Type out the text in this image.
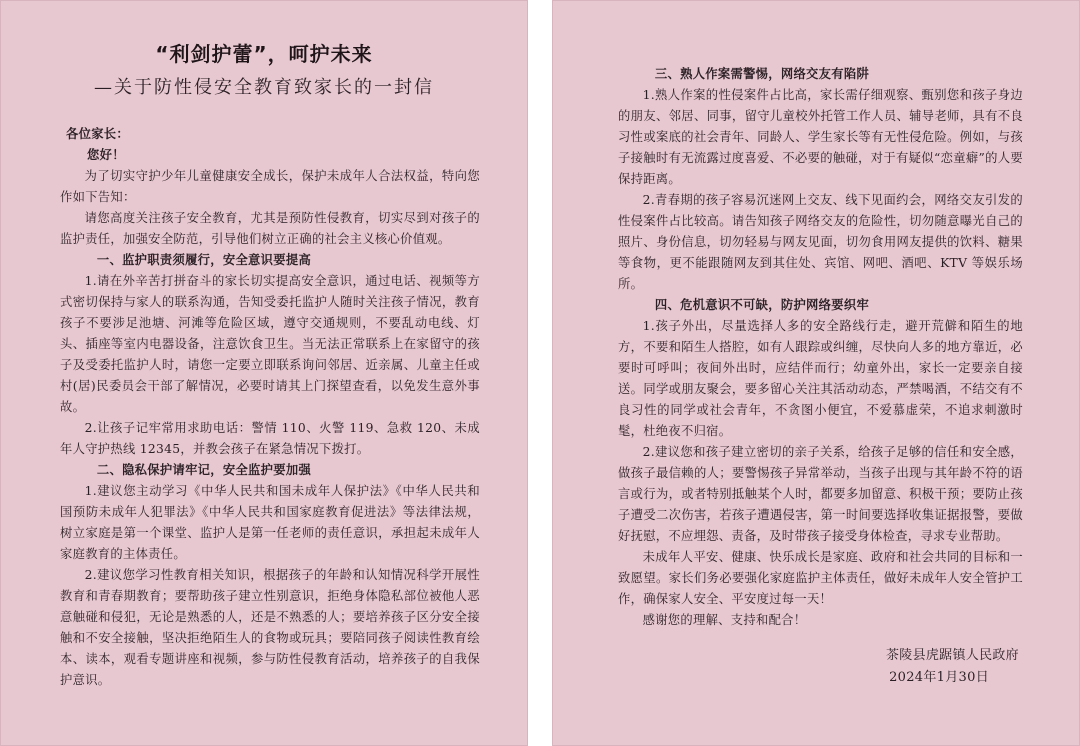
“利剑护蕾”，呵护未来
—关于防性侵安全教育致家长的一封信
各位家长：
您好！
为了切实守护少年儿童健康安全成长，保护未成年人合法权益，特向您作如下告知：
请您高度关注孩子安全教育，尤其是预防性侵教育，切实尽到对孩子的监护责任，加强安全防范，引导他们树立正确的社会主义核心价值观。
一、监护职责须履行，安全意识要提高
1.请在外辛苦打拼奋斗的家长切实提高安全意识，通过电话、视频等方式密切保持与家人的联系沟通，告知受委托监护人随时关注孩子情况，教育孩子不要涉足池塘、河滩等危险区域，遵守交通规则，不要乱动电线、灯头、插座等室内电器设备，注意饮食卫生。当无法正常联系上在家留守的孩子及受委托监护人时，请您一定要立即联系询问邻居、近亲属、儿童主任或村(居)民委员会干部了解情况，必要时请其上门探望查看，以免发生意外事故。
2.让孩子记牢常用求助电话：警情 110、火警 119、急救 120、未成年人守护热线 12345，并教会孩子在紧急情况下拨打。
二、隐私保护请牢记，安全监护要加强
1.建议您主动学习《中华人民共和国未成年人保护法》《中华人民共和国预防未成年人犯罪法》《中华人民共和国家庭教育促进法》等法律法规，树立家庭是第一个课堂、监护人是第一任老师的责任意识，承担起未成年人家庭教育的主体责任。
2.建议您学习性教育相关知识，根据孩子的年龄和认知情况科学开展性教育和青春期教育；要帮助孩子建立性别意识，拒绝身体隐私部位被他人恶意触碰和侵犯，无论是熟悉的人，还是不熟悉的人；要培养孩子区分安全接触和不安全接触，坚决拒绝陌生人的食物或玩具；要陪同孩子阅读性教育绘本、读本，观看专题讲座和视频，参与防性侵教育活动，培养孩子的自我保护意识。
三、熟人作案需警惕，网络交友有陷阱
1.熟人作案的性侵案件占比高，家长需仔细观察、甄别您和孩子身边的朋友、邻居、同事，留守儿童校外托管工作人员、辅导老师，具有不良习性或案底的社会青年、同龄人、学生家长等有无性侵危险。例如，与孩子接触时有无流露过度喜爱、不必要的触碰，对于有疑似“恋童癖”的人要保持距离。
2.青春期的孩子容易沉迷网上交友、线下见面约会，网络交友引发的性侵案件占比较高。请告知孩子网络交友的危险性，切勿随意曝光自己的照片、身份信息，切勿轻易与网友见面，切勿食用网友提供的饮料、糖果等食物，更不能跟随网友到其住处、宾馆、网吧、酒吧、KTV 等娱乐场所。
四、危机意识不可缺，防护网络要织牢
1.孩子外出，尽量选择人多的安全路线行走，避开荒僻和陌生的地方，不要和陌生人搭腔，如有人跟踪或纠缠，尽快向人多的地方靠近，必要时可呼叫；夜间外出时，应结伴而行；幼童外出，家长一定要亲自接送。同学或朋友聚会，要多留心关注其活动动态，严禁喝酒，不结交有不良习性的同学或社会青年，不贪图小便宜，不爱慕虚荣，不追求刺激时髦，杜绝夜不归宿。
2.建议您和孩子建立密切的亲子关系，给孩子足够的信任和安全感，做孩子最信赖的人；要警惕孩子异常举动，当孩子出现与其年龄不符的语言或行为，或者特别抵触某个人时，都要多加留意、积极干预；要防止孩子遭受二次伤害，若孩子遭遇侵害，第一时间要选择收集证据报警，要做好抚慰，不应埋怨、责备，及时带孩子接受身体检查，寻求专业帮助。
未成年人平安、健康、快乐成长是家庭、政府和社会共同的目标和一致愿望。家长们务必要强化家庭监护主体责任，做好未成年人安全管护工作，确保家人安全、平安度过每一天！
感谢您的理解、支持和配合！
茶陵县虎踞镇人民政府
2024年1月30日
